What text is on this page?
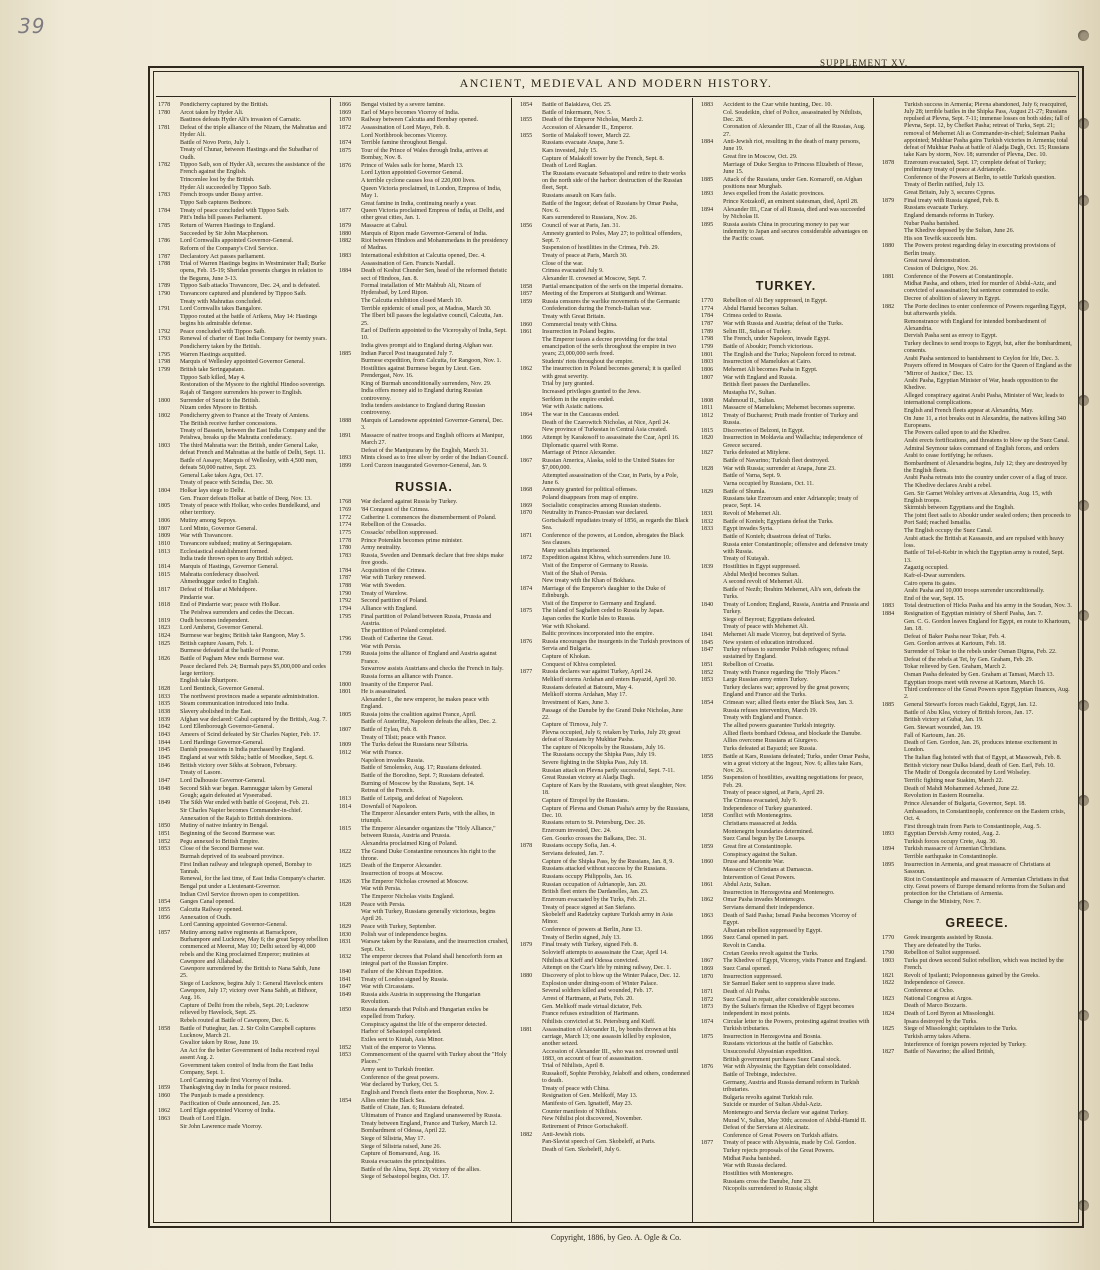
39
SUPPLEMENT XV.
ANCIENT, MEDIEVAL AND MODERN HISTORY.
1778 Pondicherry captured by the British.
1780 Arcot taken by Hyder Ali.
Bastinos defeats Hyder Ali's invasion of Carnatic.
1781 Defeat of the triple alliance of the Nizam, the Mahrattas and Hyder Ali.
Battle of Novo Porto, July 1.
Treaty of Chunar, between Hastings and the Subadhar of Oudh.
1782 Tippoo Saib, son of Hyder Ali, secures the assistance of the French against the English.
Trincomlee lost by the British.
Hyder Ali succeeded by Tippoo Saib.
1783 French troops under Bussy arrive.
Tippo Saib captures Bednore.
1784 Treaty of peace concluded with Tippoo Saib.
Pitt's India bill passes Parliament.
1785 Return of Warren Hastings to England.
Succeeded by Sir John Macpherson.
1786 Lord Cornwallis appointed Governor-General.
Reform of the Company's Civil Service.
1787 Declaratory Act passes parliament.
1788 Trial of Warren Hastings begins in Westminster Hall; Burke opens, Feb. 15-19; Sheridan presents charges in relation to the Begums, June 3-13.
1789 Tippoo Saib attacks Travancore, Dec. 24, and is defeated.
1790 Travancore captured and plundered by Tippoo Saib.
Treaty with Mahrattas concluded.
1791 Lord Cornwallis takes Bangalore.
Tippoo routed at the battle of Arikera, May 14: Hastings begins his admirable defense.
1792 Peace concluded with Tippoo Saib.
1793 Renewal of charter of East India Company for twenty years.
Pondicherry taken by the British.
1795 Warren Hastings acquitted.
1798 Marquis of Wellesley appointed Governor General.
1799 British take Seringapatam.
Tippoo Saib killed, May 4.
Restoration of the Mysore to the rightful Hindoo sovereign.
Rajah of Tangore surrenders his power to English.
1800 Surrender of Surat to the British.
Nizam cedes Mysore to British.
1802 Pondicherry given to France at the Treaty of Amiens.
The British receive further concessions.
Treaty of Bassein, between the East India Company and the Peishwa, breaks up the Mahratta confederacy.
1803 The third Mahratta war: the British, under General Lake, defeat French and Mahrattas at the battle of Delhi, Sept. 11.
Battle of Assaye; Marquis of Wellesley, with 4,500 men, defeats 50,000 native, Sept. 23.
General Lake takes Agra, Oct. 17.
Treaty of peace with Scindia, Dec. 30.
1804 Holkar lays siege to Delhi.
Gen. Frazer defeats Holkar at battle of Deeg, Nov. 13.
1805 Treaty of peace with Holkar, who cedes Bundelkund, and other territory.
1806 Mutiny among Sepoys.
1807 Lord Minto, Governor General.
1809 War with Travancore.
1810 Travancore subdued; mutiny at Seringapatam.
1813 Ecclesiastical establishment formed.
India trade thrown open to any British subject.
1814 Marquis of Hastings, Governor General.
1815 Mahratta confederacy dissolved.
Ahmednuggur ceded to English.
1817 Defeat of Holkar at Mehidpore.
Pindarrie war.
1818 End of Pindarrie war; peace with Holkar.
The Peishwa surrenders and cedes the Deccan.
1819 Oudh becomes independent.
1823 Lord Amherst, Governor General.
1824 Burmese war begins; British take Rangoon, May 5.
1825 British capture Assam, Feb. 1.
Burmese defeated at the battle of Prome.
1826 Battle of Pagham Mew ends Burmese war.
Peace declared Feb. 24; Burmah pays $5,000,000 and cedes large territory.
English take Bhurtpore.
1828 Lord Bentinck, Governor General.
1833 The northwest provinces made a separate administration.
1835 Steam communication introduced into India.
1838 Slavery abolished in the East.
1839 Afghan war declared: Cabul captured by the British, Aug. 7.
1842 Lord Ellenborough Governor-General.
1843 Ameers of Scind defeated by Sir Charles Napier, Feb. 17.
1844 Lord Hardinge Governor-General.
1845 Danish possessions in India purchased by England.
1845 England at war with Sikhs; battle of Moodkee, Sept. 6.
1846 British victory over Sikhs at Sobraon, February.
Treaty of Lasore.
1847 Lord Dalhousie Governor-General.
1848 Second Sikh war began. Ramnuggur taken by General Gough; again defeated at Vyseerabad.
1849 The Sikh War ended with battle of Goojerat, Feb. 21.
Sir Charles Napier becomes Commander-in-chief.
Annexation of the Rajah to British dominions.
1850 Mutiny of native infantry in Bengal.
1851 Beginning of the Second Burmese war.
1852 Pegu annexed to British Empire.
1853 Close of the Second Burmese war.
Burmah deprived of its seaboard province.
First Indian railway and telegraph opened, Bombay to Tannah.
Renewal, for the last time, of East India Company's charter.
Bengal put under a Lieutenant-Governor.
Indian Civil Service thrown open to competition.
1854 Ganges Canal opened.
1855 Calcutta Railway opened.
1856 Annexation of Oudh.
Lord Canning appointed Governor-General.
1857 Mutiny among native regiments at Barrackpore, Burhampore and Lucknow, May 6; the great Sepoy rebellion commenced at Meerut, May 10; Delhi seized by 40,000 rebels and the King proclaimed Emperor; mutinies at Cawnpore and Allahabad.
Cawnpore surrendered by the British to Nana Sahib, June 25.
Siege of Lucknow, begins July 1: General Havelock enters Cawnpore, July 17; victory over Nana Sahib, at Bithoor, Aug. 16.
Capture of Delhi from the rebels, Sept. 20; Lucknow relieved by Havelock, Sept. 25.
Rebels routed at Battle of Cawnpore, Dec. 6.
1858 Battle of Futteghur, Jan. 2. Sir Colin Campbell captures Lucknow, March 21.
Gwalior taken by Rose, June 19.
An Act for the better Government of India received royal assent Aug. 2.
Government taken control of India from the East India Company, Sept. 1.
Lord Canning made first Viceroy of India.
1859 Thanksgiving day in India for peace restored.
1860 The Punjaub is made a presidency.
Pacification of Oude announced, Jan. 25.
1862 Lord Elgin appointed Viceroy of India.
1863 Death of Lord Elgin.
Sir John Lawrence made Viceroy.
1866 Bengal visited by a severe famine.
1869 Earl of Mayo becomes Viceroy of India.
1870 Railway between Calcutta and Bombay opened.
1872 Assassination of Lord Mayo, Feb. 8.
Lord Northbrook becomes Viceroy.
1874 Terrible famine throughout Bengal.
1875 Tour of the Prince of Wales through India, arrives at Bombay, Nov. 8.
1876 Prince of Wales sails for home, March 13.
Lord Lytton appointed Governor General.
A terrible cyclone causes loss of 220,000 lives.
Queen Victoria proclaimed, in London, Empress of India, May 1.
Great famine in India, continuing nearly a year.
1877 Queen Victoria proclaimed Empress of India, at Delhi, and other great cities, Jan. 1.
1879 Massacre at Cabul.
1880 Marquis of Ripon made Governor-General of India.
1882 Riot between Hindoos and Mohammedans in the presidency of Madras.
1883 International exhibition at Calcutta opened, Dec. 4.
Assassination of Gen. Francis Nardall.
1884 Death of Keshut Chunder Sen, head of the reformed theistic sect of Hindoos, Jan. 8.
Formal installation of Mir Mahbub Ali, Nizam of Hyderabad, by Lord Ripon.
The Calcutta exhibition closed March 10.
Terrible epidemic of small pox, at Madras, March 30.
The Ilbert bill passes the legislative council, Calcutta, Jan. 25.
Earl of Dufferin appointed to the Viceroyalty of India, Sept. 10.
India gives prompt aid to England during Afghan war.
1885 Indian Parcel Post inaugurated July 7.
Burmese expedition, from Calcutta, for Rangoon, Nov. 1.
Hostilities against Burmese begun by Lieut. Gen. Prendergast, Nov. 16.
King of Burmah unconditionally surrenders, Nov. 29.
India offers money aid to England during Russian controversy.
India tenders assistance to England during Russian controversy.
1888 Marquis of Lansdowne appointed Governor-General, Dec. 3.
1891 Massacre of native troops and English officers at Manipur, March 27.
Defeat of the Manipurans by the English, March 31.
1893 Mints closed as to free silver by order of the Indian Council.
1899 Lord Curzon inaugurated Governor-General, Jan. 9.
RUSSIA.
1768 War declared against Russia by Turkey.
1769 '84 Conquest of the Crimea.
1772 Catherine I. commences the dismemberment of Poland.
1774 Rebellion of the Cossacks.
1775 Cossacks' rebellion suppressed.
1778 Prince Potemkin becomes prime minister.
1780 Army neutrality.
1783 Russia, Sweden and Denmark declare that free ships make free goods.
1784 Acquisition of the Crimea.
1787 War with Turkey renewed.
1788 War with Sweden.
1790 Treaty of Warelow.
1792 Second partition of Poland.
1794 Alliance with England.
1795 Final partition of Poland between Russia, Prussia and Austria.
The partition of Poland completed.
1796 Death of Catherine the Great.
War with Persia.
1799 Russia joins the alliance of England and Austria against France.
Suwarrow assists Austrians and checks the French in Italy.
Russia forms an alliance with France.
1800 Insanity of the Emperor Paul.
1801 He is assassinated.
Alexander I., the new emperor, he makes peace with England.
1805 Russia joins the coalition against France, April.
Battle of Austerlitz, Napoleon defeats the allies, Dec. 2.
1807 Battle of Eylau, Feb. 8.
Treaty of Tilsit; peace with France.
1809 The Turks defeat the Russians near Silistria.
1812 War with France.
Napoleon invades Russia.
Battle of Smolensko, Aug. 17; Russians defeated.
Battle of the Borodino, Sept. 7; Russians defeated.
Burning of Moscow by the Russians, Sept. 14.
Retreat of the French.
1813 Battle of Leipsig, and defeat of Napoleon.
1814 Downfall of Napoleon.
The Emperor Alexander enters Paris, with the allies, in triumph.
1815 The Emperor Alexander organizes the "Holy Alliance," between Russia, Austria and Prussia.
Alexandria proclaimed King of Poland.
1822 The Grand Duke Constantine renounces his right to the throne.
1825 Death of the Emperor Alexander.
Insurrection of troops at Moscow.
1826 The Emperor Nicholas crowned at Moscow.
War with Persia.
The Emperor Nicholas visits England.
1828 Peace with Persia.
War with Turkey, Russians generally victorious, begins April 26.
1829 Peace with Turkey, September.
1830 Polish war of independence begins.
1831 Warsaw taken by the Russians, and the insurrection crushed, Sept. Oct.
1832 The emperor decrees that Poland shall henceforth form an integral part of the Russian Empire.
1840 Failure of the Khivan Expedition.
1841 Treaty of London signed by Russia.
1847 War with Circassians.
1849 Russia aids Austria in suppressing the Hungarian Revolution.
1850 Russia demands that Polish and Hungarian exiles be expelled from Turkey.
Conspiracy against the life of the emperor detected.
Harbor of Sebastopol completed.
Exiles sent to Kiutah, Asia Minor.
1852 Visit of the emperor to Vienna.
1853 Commencement of the quarrel with Turkey about the "Holy Places."
Army sent to Turkish frontier.
Conference of the great powers.
War declared by Turkey, Oct. 5.
English and French fleets enter the Bosphorus, Nov. 2.
1854 Allies enter the Black Sea.
Battle of Citate, Jan. 6; Russians defeated.
Ultimatum of France and England unanswered by Russia.
Treaty between England, France and Turkey, March 12.
Bombardment of Odessa, April 22.
Siege of Silistria, May 17.
Siege of Silistria raised, June 26.
Capture of Bomarsund, Aug. 16.
Russia evacuates the principalities.
Battle of the Alma, Sept. 20; victory of the allies.
Siege of Sebastopol begins, Oct. 17.
1854 Battle of Balaklava, Oct. 25.
Battle of Inkermann, Nov. 5.
1855 Death of the Emperor Nicholas, March 2.
Accession of Alexander II., Emperor.
1855 Sortie of Malakoff tower, March 22.
Russians evacuate Anapa, June 5.
Kars invested, July 15.
Capture of Malakoff tower by the French, Sept. 8.
Death of Lord Raglan.
The Russians evacuate Sebastopol and retire to their works on the north side of the harbor: destruction of the Russian fleet, Sept.
Russians assault on Kars fails.
Battle of the Ingour; defeat of Russians by Omar Pasha, Nov. 6.
Kars surrendered to Russians, Nov. 26.
1856 Council of war at Paris, Jan. 31.
Amnesty granted to Poles, May 27; to political offenders, Sept. 7.
Suspension of hostilities in the Crimea, Feb. 29.
Treaty of peace at Paris, March 30.
Close of the war.
Crimea evacuated July 9.
Alexander II. crowned at Moscow, Sept. 7.
1858 Partial emancipation of the serfs on the imperial domains.
1857 Meeting of the Emperors at Stuttgardt and Weimar.
1859 Russia censures the warlike movements of the Germanic Confederation during the French-Italian war.
Treaty with Great Britain.
1860 Commercial treaty with China.
1861 Insurrection in Poland begins.
The Emperor issues a decree providing for the total emancipation of the serfs throughout the empire in two years; 23,000,000 serfs freed.
Students' riots throughout the empire.
1862 The insurrection in Poland becomes general; it is quelled with great severity.
Trial by jury granted.
Increased privileges granted to the Jews.
Serfdom in the empire ended.
War with Asiatic nations.
1864 The war in the Caucasus ended.
Death of the Czarowitch Nicholas, at Nice, April 24.
New province of Turkestan in Central Asia created.
1866 Attempt by Karakosoff to assassinate the Czar, April 16.
Diplomatic quarrel with Rome.
Marriage of Prince Alexander.
1867 Russian America, Alaska, sold to the United States for $7,000,000.
Attempted assassination of the Czar, in Paris, by a Pole, June 6.
1868 Amnesty granted for political offenses.
Poland disappears from map of empire.
1869 Socialistic conspiracies among Russian students.
1870 Neutrality in Franco-Prussian war declared.
Gortschakoff repudiates treaty of 1856, as regards the Black Sea.
1871 Conference of the powers, at London, abrogates the Black Sea clauses.
Many socialists imprisoned.
1872 Expedition against Khiva, which surrenders June 10.
Visit of the Emperor of Germany to Russia.
Visit of the Shah of Persia.
New treaty with the Khan of Bokhara.
1874 Marriage of the Emperor's daughter to the Duke of Edinburgh.
Visit of the Emperor to Germany and England.
1875 The island of Saghalien ceded to Russia by Japan.
Japan cedes the Kurile Isles to Russia.
War with Khokand.
Baltic provinces incorporated into the empire.
1876 Russia encourages the insurgents in the Turkish provinces of Servia and Bulgaria.
Capture of Khokan.
Conquest of Khiva completed.
1877 Russia declares war against Turkey, April 24.
Melikoff storms Ardahan and enters Bayazid, April 30.
Russians defeated at Batoum, May 4.
Melikoff storms Ardahan, May 17.
Investment of Kars, June 3.
Passage of the Danube by the Grand Duke Nicholas, June 22.
Capture of Tirnova, July 7.
Plevna occupied, July 6; retaken by Turks, July 20; great defeat of Russians by Mukhtar Pasha.
The capture of Nicopolis by the Russians, July 16.
The Russians occupy the Shipka Pass, July 19.
Severe fighting in the Shipka Pass, July 18.
Russian attack on Plevna partly successful, Sept. 7-11.
Great Russian victory at Aladja Dagh.
Capture of Kars by the Russians, with great slaughter, Nov. 18.
Capture of Etropol by the Russians.
Capture of Plevna and Osman Pasha's army by the Russians, Dec. 10.
Russians return to St. Petersburg, Dec. 26.
Erzeroum invested, Dec. 24.
Gen. Gourko crosses the Balkans, Dec. 31.
1878 Russians occupy Sofia, Jan. 4.
Servians defeated, Jan. 7.
Capture of the Shipka Pass, by the Russians, Jan. 8, 9.
Russians attacked without success by the Russians.
Russians occupy Philippolis, Jan. 16.
Russian occupation of Adrianople, Jan. 20.
British fleet enters the Dardanelles, Jan. 23.
Erzeroum evacuated by the Turks, Feb. 21.
Treaty of peace signed at San Stefano.
Skobeleff and Radetzky capture Turkish army in Asia Minor.
Conference of powers at Berlin, June 13.
Treaty of Berlin signed, July 13.
1879 Final treaty with Turkey, signed Feb. 8.
Solovieff attempts to assassinate the Czar, April 14.
Nihilists at Kieff and Odessa convicted.
Attempt on the Czar's life by mining railway, Dec. 1.
1880 Discovery of plot to blow up the Winter Palace, Dec. 12.
Explosion under dining-room of Winter Palace.
Several soldiers killed and wounded, Feb. 17.
Arrest of Hartmann, at Paris, Feb. 20.
Gen. Melikoff made virtual dictator, Feb.
France refuses extradition of Hartmann.
Nihilists convicted at St. Petersburg and Kieff.
1881 Assassination of Alexander II., by bombs thrown at his carriage, March 13; one assassin killed by explosion, another seized.
Accession of Alexander III., who was not crowned until 1883, on account of fear of assassination.
Trial of Nihilists, April 8.
Russakoff, Sophie Perofsky, Jelaboff and others, condemned to death.
Treaty of peace with China.
Resignation of Gen. Melikoff, May 13.
Manifesto of Gen. Ignatieff, May 23.
Counter manifesto of Nihilists.
New Nihilist plot discovered, November.
Retirement of Prince Gortschakoff.
1882 Anti-Jewish riots.
Pan-Slavist speech of Gen. Skobeleff, at Paris.
Death of Gen. Skobeleff, July 6.
1883 Accident to the Czar while hunting, Dec. 10.
Col. Soudeikin, chief of Police, assassinated by Nihilists, Dec. 28.
Coronation of Alexander III., Czar of all the Russias, Aug. 27.
1884 Anti-Jewish riot, resulting in the death of many persons, June 19.
Great fire in Moscow, Oct. 29.
Marriage of Duke Sergius to Princess Elizabeth of Hesse, June 15.
1885 Attack of the Russians, under Gen. Komaroff, on Afghan positions near Murghab.
1893 Jews expelled from the Asiatic provinces.
Prince Kotzakoff, an eminent statesman, died, April 28.
1894 Alexander III., Czar of all Russia, died and was succeeded by Nicholas II.
1895 Russia assists China in procuring money to pay war indemnity to Japan and secures considerable advantages on the Pacific coast.
TURKEY.
1770 Rebellion of Ali Bey suppressed, in Egypt.
1774 Abdul Hamid becomes Sultan.
1784 Crimea ceded to Russia.
1787 War with Russia and Austria; defeat of the Turks.
1789 Selim III., Sultan of Turkey.
1798 The French, under Napoleon, invade Egypt.
1799 Battle of Aboukir; French victorious.
1801 The English and the Turks; Napoleon forced to retreat.
1803 Insurrection of Mamelukes at Cairo.
1806 Mehemet Ali becomes Pasha in Egypt.
1807 War with England and Russia.
British fleet passes the Dardanelles.
Mustapha IV., Sultan.
1808 Mahmoud II., Sultan.
1811 Massacre of Mamelukes; Mehemet becomes supreme.
1812 Treaty of Bucharest; Pruth made frontier of Turkey and Russia.
1815 Discoveries of Belzoni, in Egypt.
1820 Insurrection in Moldavia and Wallachia; independence of Greece secured.
1827 Turks defeated at Mitylene.
Battle of Navarino; Turkish fleet destroyed.
1828 War with Russia; surrender at Anapa, June 23.
Battle of Varna, Sept. 9.
Varna occupied by Russians, Oct. 11.
1829 Battle of Shumla.
Russians take Erzeroum and enter Adrianople; treaty of peace, Sept. 14.
1831 Revolt of Mehemet Ali.
1832 Battle of Konieh; Egyptians defeat the Turks.
1833 Egypt invades Syria.
Battle of Konieh; disastrous defeat of Turks.
Russia enter Constantinople; offensive and defensive treaty with Russia.
Treaty of Kutayah.
1839 Hostilities in Egypt suppressed.
Abdul Medjid becomes Sultan.
A second revolt of Mehemet Ali.
Battle of Nezib; Ibrahim Mehemet, Ali's son, defeats the Turks.
1840 Treaty of London; England, Russia, Austria and Prussia and Turkey.
Siege of Beyrout; Egyptians defeated.
Treaty of peace with Mehemet Ali.
1841 Mehemet Ali made Viceroy, but deprived of Syria.
1845 New system of education introduced.
1847 Turkey refuses to surrender Polish refugees; refusal sustained by England.
1851 Rebellion of Croatia.
1852 Treaty with France regarding the "Holy Places."
1853 Large Russian army enters Turkey.
Turkey declares war; approved by the great powers; England and France aid the Turks.
1854 Crimean war; allied fleets enter the Black Sea, Jan. 3.
Russia refuses intervention, March 19.
Treaty with England and France.
The allied powers guarantee Turkish integrity.
Allied fleets bombard Odessa, and blockade the Danube.
Allies overcome Russians at Giurgevo.
Turks defeated at Bayazid; see Russia.
1855 Battle at Kars, Russians defeated; Turks, under Omar Pasha, win a great victory at the Ingour, Nov. 6; allies take Kars, Nov. 26.
1856 Suspension of hostilities, awaiting negotiations for peace, Feb. 29.
Treaty of peace signed, at Paris, April 29.
The Crimea evacuated, July 9.
Independence of Turkey guaranteed.
1858 Conflict with Montenegrins.
Christians massacred at Jedda.
Montenegrin boundaries determined.
Suez Canal begun by De Lesseps.
1859 Great fire at Constantinople.
Conspiracy against the Sultan.
1860 Druse and Maronite War.
Massacre of Christians at Damascus.
Intervention of Great Powers.
1861 Abdul Aziz, Sultan.
Insurrection in Herzegovina and Montenegro.
1862 Omar Pasha invades Montenegro.
Servians demand their independence.
1863 Death of Said Pasha; Ismail Pasha becomes Viceroy of Egypt.
Albanian rebellion suppressed by Egypt.
1866 Suez Canal opened in part.
Revolt in Candia.
Cretan Greeks revolt against the Turks.
1867 The Khedive of Egypt, Viceroy, visits France and England.
1869 Suez Canal opened.
1870 Insurrection suppressed.
Sir Samuel Baker sent to suppress slave trade.
1871 Death of Ali Pasha.
1872 Suez Canal in repair, after considerable success.
1873 By the Sultan's firman the Khedive of Egypt becomes independent in most points.
1874 Circular letter to the Powers, protesting against treaties with Turkish tributaries.
1875 Insurrection in Herzegovina and Bosnia.
Russians victorious at the battle of Gatschko.
Unsuccessful Abyssinian expedition.
British government purchases Suez Canal stock.
1876 War with Abyssinia; the Egyptian debt consolidated.
Battle of Trebinge, indecisive.
Germany, Austria and Russia demand reform in Turkish tributaries.
Bulgaria revolts against Turkish rule.
Suicide or murder of Sultan Abdul-Aziz.
Montenegro and Servia declare war against Turkey.
Murad V., Sultan, May 30th; accession of Abdul-Hamid II.
Defeat of the Servians at Alexinatz.
Conference of Great Powers on Turkish affairs.
1877 Treaty of peace with Abyssinia, made by Col. Gordon.
Turkey rejects proposals of the Great Powers.
Midhat Pasha banished.
War with Russia declared.
Hostilities with Montenegro.
Russians cross the Danube, June 23.
Nicopolis surrendered to Russia; slight
Turkish success in Armenia; Plevna abandoned, July 6; reacquired, July 28; terrible battles in the Shipka Pass, August 21-27; Russians repulsed at Plevna, Sept. 7-11; immense losses on both sides; fall of Plevna, Sept. 12, by Chefket Pasha; retreat of Turks, Sept. 21; removal of Mehemet Ali as Commander-in-chief; Suleiman Pasha appointed; Mukhtar Pasha gains Turkish victories in Armenia; total defeat of Mukhtar Pasha at battle of Aladja Dagh, Oct. 15; Russians take Kars by storm, Nov. 18; surrender of Plevna, Dec. 10.
1878 Erzeroum evacuated, Sept. 17; complete defeat of Turkey; preliminary treaty of peace at Adrianople.
Conference of the Powers at Berlin, to settle Turkish question.
Treaty of Berlin ratified, July 13.
Great Britain, July 3, secures Cyprus.
1879 Final treaty with Russia signed, Feb. 8.
Russians evacuate Turkey.
England demands reforms in Turkey.
Nubar Pasha banished.
The Khedive deposed by the Sultan, June 26.
His son Tewfik succeeds him.
1880 The Powers protest regarding delay in executing provisions of Berlin treaty.
Great naval demonstration.
Cession of Dulcigno, Nov. 26.
1881 Conference of the Powers at Constantinople.
Midhat Pasha, and others, tried for murder of Abdul-Aziz, and convicted of assassination; but sentence commuted to exile.
Decree of abolition of slavery in Egypt.
1882 The Porte declines to enter conference of Powers regarding Egypt, but afterwards yields.
Remonstrance with England for intended bombardment of Alexandria.
Dervish Pasha sent as envoy to Egypt.
Turkey declines to send troops to Egypt, but, after the bombardment, consents.
Arabi Pasha sentenced to banishment to Ceylon for life, Dec. 3.
Prayers offered in Mosques of Cairo for the Queen of England as the "Mirror of Justice," Dec. 13.
Arabi Pasha, Egyptian Minister of War, heads opposition to the Khedive.
Alleged conspiracy against Arabi Pasha, Minister of War, leads to international complications.
English and French fleets appear at Alexandria, May.
On June 11, a riot breaks out in Alexandria, the natives killing 340 Europeans.
The Powers called upon to aid the Khedive.
Arabi erects fortifications, and threatens to blow up the Suez Canal.
Admiral Seymour takes command of English forces, and orders Arabi to cease fortifying; he refuses.
Bombardment of Alexandria begins, July 12; they are destroyed by the English fleets.
Arabi Pasha retreats into the country under cover of a flag of truce.
The Khedive declares Arabi a rebel.
Gen. Sir Garnet Wolsley arrives at Alexandria, Aug. 15, with English troops.
Skirmish between Egyptians and the English.
The joint fleet sails to Aboukir under sealed orders; then proceeds to Port Said; reached Ismailia.
The English occupy the Suez Canal.
Arabi attack the British at Kassassin, and are repulsed with heavy loss.
Battle of Tel-el-Kebir in which the Egyptian army is routed, Sept. 13.
Zagazig occupied.
Kafr-el-Dwar surrenders.
Cairo opens its gates.
Arabi Pasha and 10,000 troops surrender unconditionally.
End of the war, Sept. 15.
1883 Total destruction of Hicks Pasha and his army in the Soudan, Nov. 3.
1884 Resignation of Egyptian ministry of Sherif Pasha, Jan. 7.
Gen. C. G. Gordon leaves England for Egypt, en route to Khartoum, Jan. 18.
Defeat of Baker Pasha near Tokar, Feb. 4.
Gen. Gordon arrives at Kartoum, Feb. 18.
Surrender of Tokar to the rebels under Osman Digma, Feb. 22.
Defeat of the rebels at Tet, by Gen. Graham, Feb. 29.
Tokar relieved by Gen. Graham, March 2.
Osman Pasha defeated by Gen. Graham at Tamasi, March 13.
Egyptian troops meet with reverse at Kartoum, March 16.
Third conference of the Great Powers upon Egyptian finances, Aug. 2.
1885 General Stewart's forces reach Gakdul, Egypt, Jan. 12.
Battle of Abu Klea, victory of British forces, Jan. 17.
British victory at Gubat, Jan. 19.
Gen. Stewart wounded, Jan. 19.
Fall of Kartoum, Jan. 26.
Death of Gen. Gordon, Jan. 26, produces intense excitement in London.
The Italian flag hoisted with that of Egypt, at Massowah, Feb. 8.
British victory near Dulka Island, death of Gen. Earl, Feb. 10.
The Mudir of Dongola decorated by Lord Wolseley.
Terrific fighting near Suakim, March 22.
Death of Mahdi Mohammed Achmed, June 22.
Revolution in Eastern Roumelia.
Prince Alexander of Bulgaria, Governor, Sept. 18.
Ambassadors, in Constantinople, conference on the Eastern crisis, Oct. 4.
First through train from Paris to Constantinople, Aug. 5.
1893 Egyptian Dervish Army routed, Aug. 2.
Turkish forces occupy Crete, Aug. 30.
1894 Turkish massacre of Armenian Christians.
Terrible earthquake in Constantinople.
1895 Insurrection in Armenia, and great massacre of Christians at Sassoun.
Riot in Constantinople and massacre of Armenian Christians in that city. Great powers of Europe demand reforms from the Sultan and protection for the Christians of Armenia.
Change in the Ministry, Nov. 7.
GREECE.
1770 Greek insurgents assisted by Russia.
They are defeated by the Turks.
1790 Rebellion of Suliot suppressed.
1803 Turks put down second Suliot rebellion, which was incited by the French.
1821 Revolt of Ipsilanti; Peloponnesus gained by the Greeks.
1822 Independence of Greece.
Conference at Ocho.
1823 National Congress at Argos.
Death of Marco Bozzaris.
1824 Death of Lord Byron at Missolonghi.
Ipsara destroyed by the Turks.
1825 Siege of Missolonghi; capitulates to the Turks.
Turkish army takes Athens.
Interference of foreign powers rejected by Turkey.
1827 Battle of Navarino; the allied British,
Copyright, 1886, by Geo. A. Ogle & Co.
